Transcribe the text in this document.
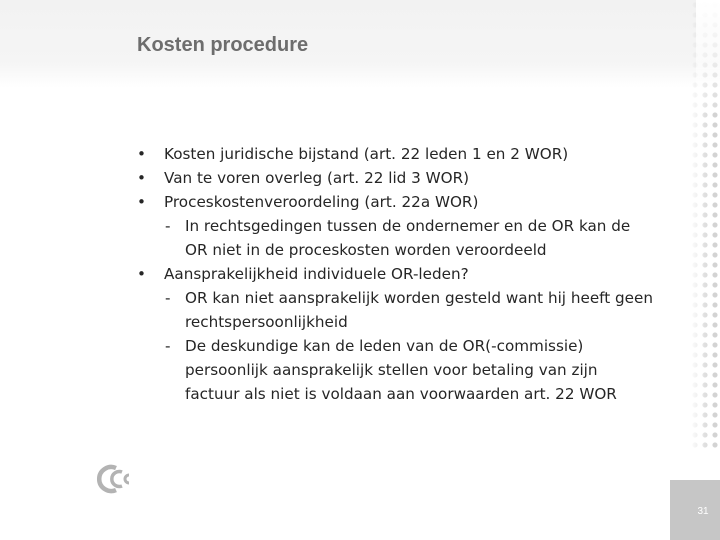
Kosten procedure
• Kosten juridische bijstand (art. 22 leden 1 en 2 WOR)
• Van te voren overleg (art. 22 lid 3 WOR)
• Proceskostenveroordeling (art. 22a WOR)
- In rechtsgedingen tussen de ondernemer en de OR kan de OR niet in de proceskosten worden veroordeeld
• Aansprakelijkheid individuele OR-leden?
- OR kan niet aansprakelijk worden gesteld want hij heeft geen rechtspersoonlijkheid
- De deskundige kan de leden van de OR(-commissie) persoonlijk aansprakelijk stellen voor betaling van zijn factuur als niet is voldaan aan voorwaarden art. 22 WOR
31
